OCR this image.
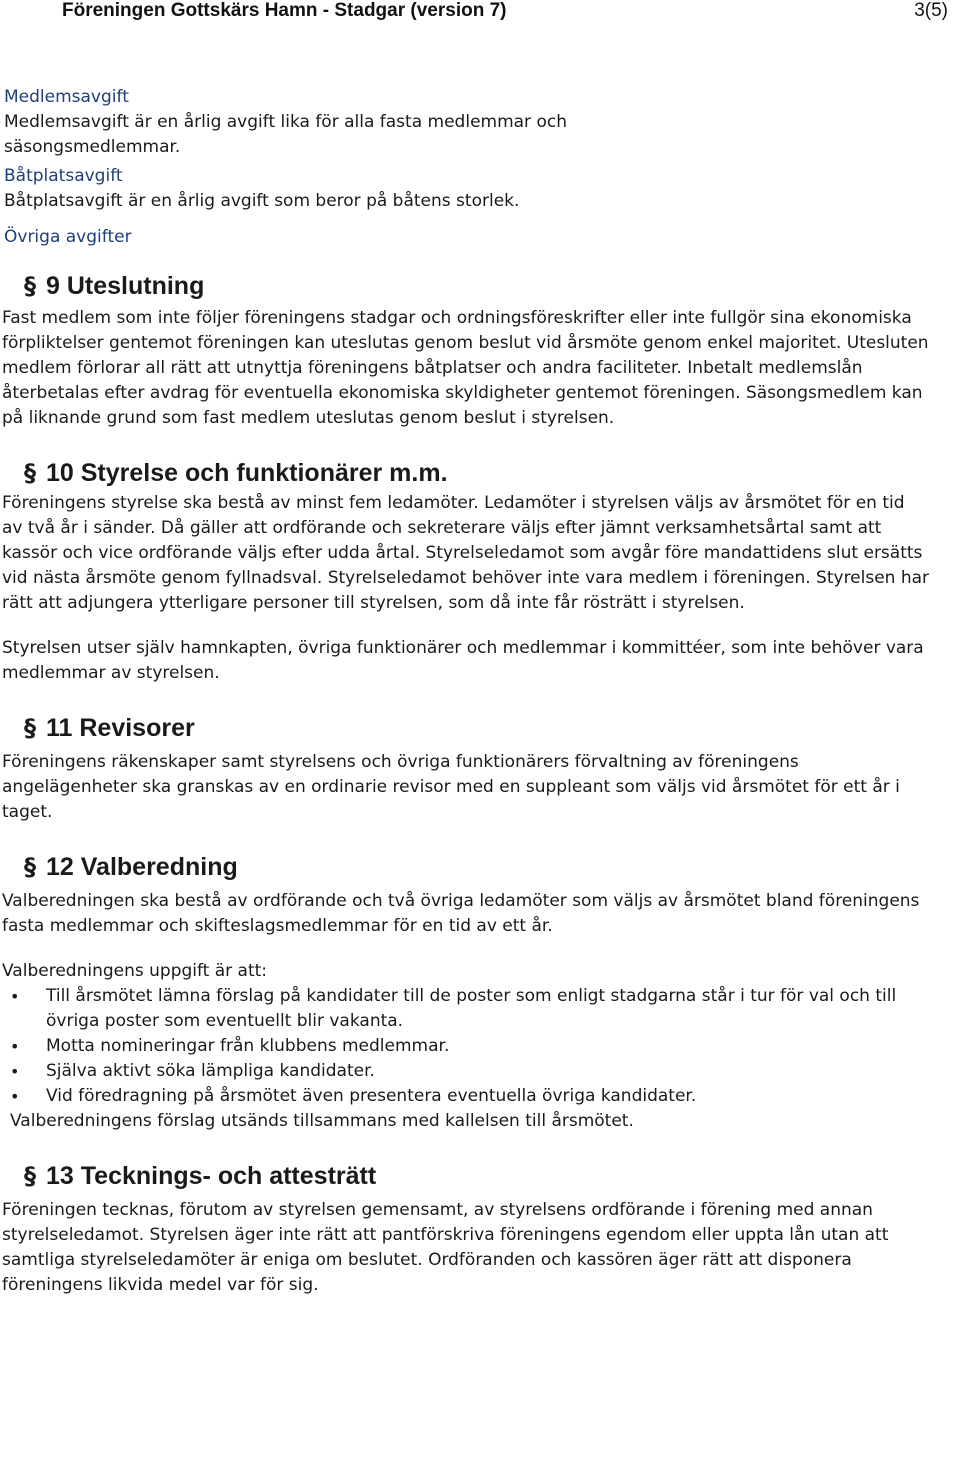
Föreningen Gottskärs Hamn - Stadgar (version 7)	3(5)
Medlemsavgift
Medlemsavgift är en årlig avgift lika för alla fasta medlemmar och säsongsmedlemmar.
Båtplatsavgift
Båtplatsavgift är en årlig avgift som beror på båtens storlek.
Övriga avgifter
§ 9 Uteslutning
Fast medlem som inte följer föreningens stadgar och ordningsföreskrifter eller inte fullgör sina ekonomiska förpliktelser gentemot föreningen kan uteslutas genom beslut vid årsmöte genom enkel majoritet. Utesluten medlem förlorar all rätt att utnyttja föreningens båtplatser och andra faciliteter. Inbetalt medlemslån återbetalas efter avdrag för eventuella ekonomiska skyldigheter gentemot föreningen. Säsongsmedlem kan på liknande grund som fast medlem uteslutas genom beslut i styrelsen.
§ 10 Styrelse och funktionärer m.m.
Föreningens styrelse ska bestå av minst fem ledamöter. Ledamöter i styrelsen väljs av årsmötet för en tid av två år i sänder. Då gäller att ordförande och sekreterare väljs efter jämnt verksamhetsårtal samt att kassör och vice ordförande väljs efter udda årtal. Styrelseledamot som avgår före mandattidens slut ersätts vid nästa årsmöte genom fyllnadsval. Styrelseledamot behöver inte vara medlem i föreningen. Styrelsen har rätt att adjungera ytterligare personer till styrelsen, som då inte får rösträtt i styrelsen.
Styrelsen utser själv hamnkapten, övriga funktionärer och medlemmar i kommittéer, som inte behöver vara medlemmar av styrelsen.
§ 11 Revisorer
Föreningens räkenskaper samt styrelsens och övriga funktionärers förvaltning av föreningens angelägenheter ska granskas av en ordinarie revisor med en suppleant som väljs vid årsmötet för ett år i taget.
§ 12 Valberedning
Valberedningen ska bestå av ordförande och två övriga ledamöter som väljs av årsmötet bland föreningens fasta medlemmar och skifteslagsmedlemmar för en tid av ett år.
Valberedningens uppgift är att:
• Till årsmötet lämna förslag på kandidater till de poster som enligt stadgarna står i tur för val och till övriga poster som eventuellt blir vakanta.
• Motta nomineringar från klubbens medlemmar.
• Själva aktivt söka lämpliga kandidater.
• Vid föredragning på årsmötet även presentera eventuella övriga kandidater.
Valberedningens förslag utsänds tillsammans med kallelsen till årsmötet.
§ 13 Tecknings- och attesträtt
Föreningen tecknas, förutom av styrelsen gemensamt, av styrelsens ordförande i förening med annan styrelseledamot. Styrelsen äger inte rätt att pantförskriva föreningens egendom eller uppta lån utan att samtliga styrelseledamöter är eniga om beslutet. Ordföranden och kassören äger rätt att disponera föreningens likvida medel var för sig.
